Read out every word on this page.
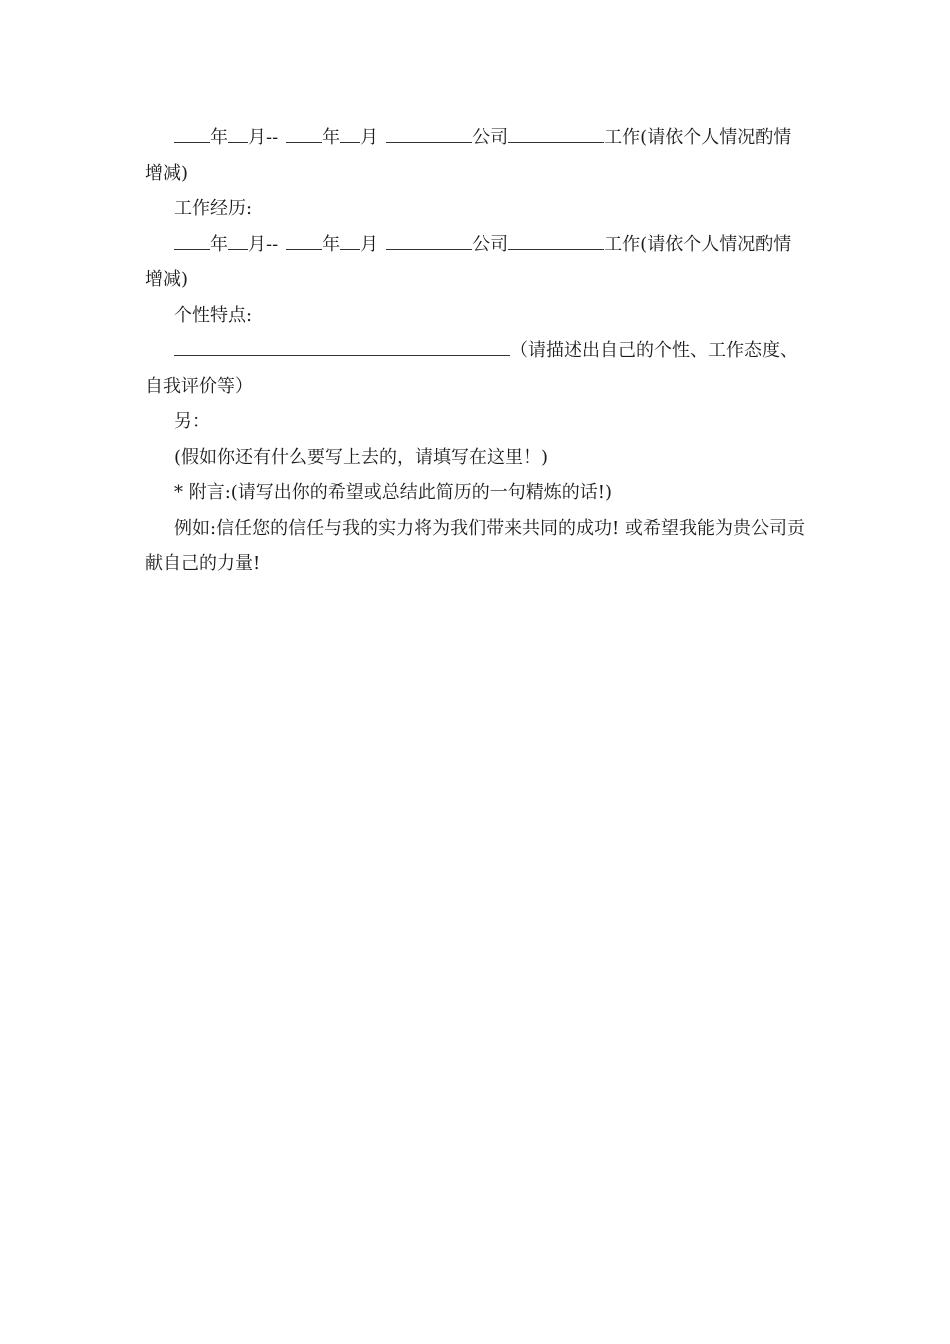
年 月-- 年 月	公司	工作(请依个人情况酌情增减)

工作经历:

年 月-- 年 月	公司	工作(请依个人情况酌情增减)

个性特点:

（请描述出自己的个性、工作态度、自我评价等）

另：

(假如你还有什么要写上去的，请填写在这里！)

* 附言:(请写出你的希望或总结此简历的一句精炼的话!)

例如:信任您的信任与我的实力将为我们带来共同的成功! 或希望我能为贵公司贡献自己的力量!
